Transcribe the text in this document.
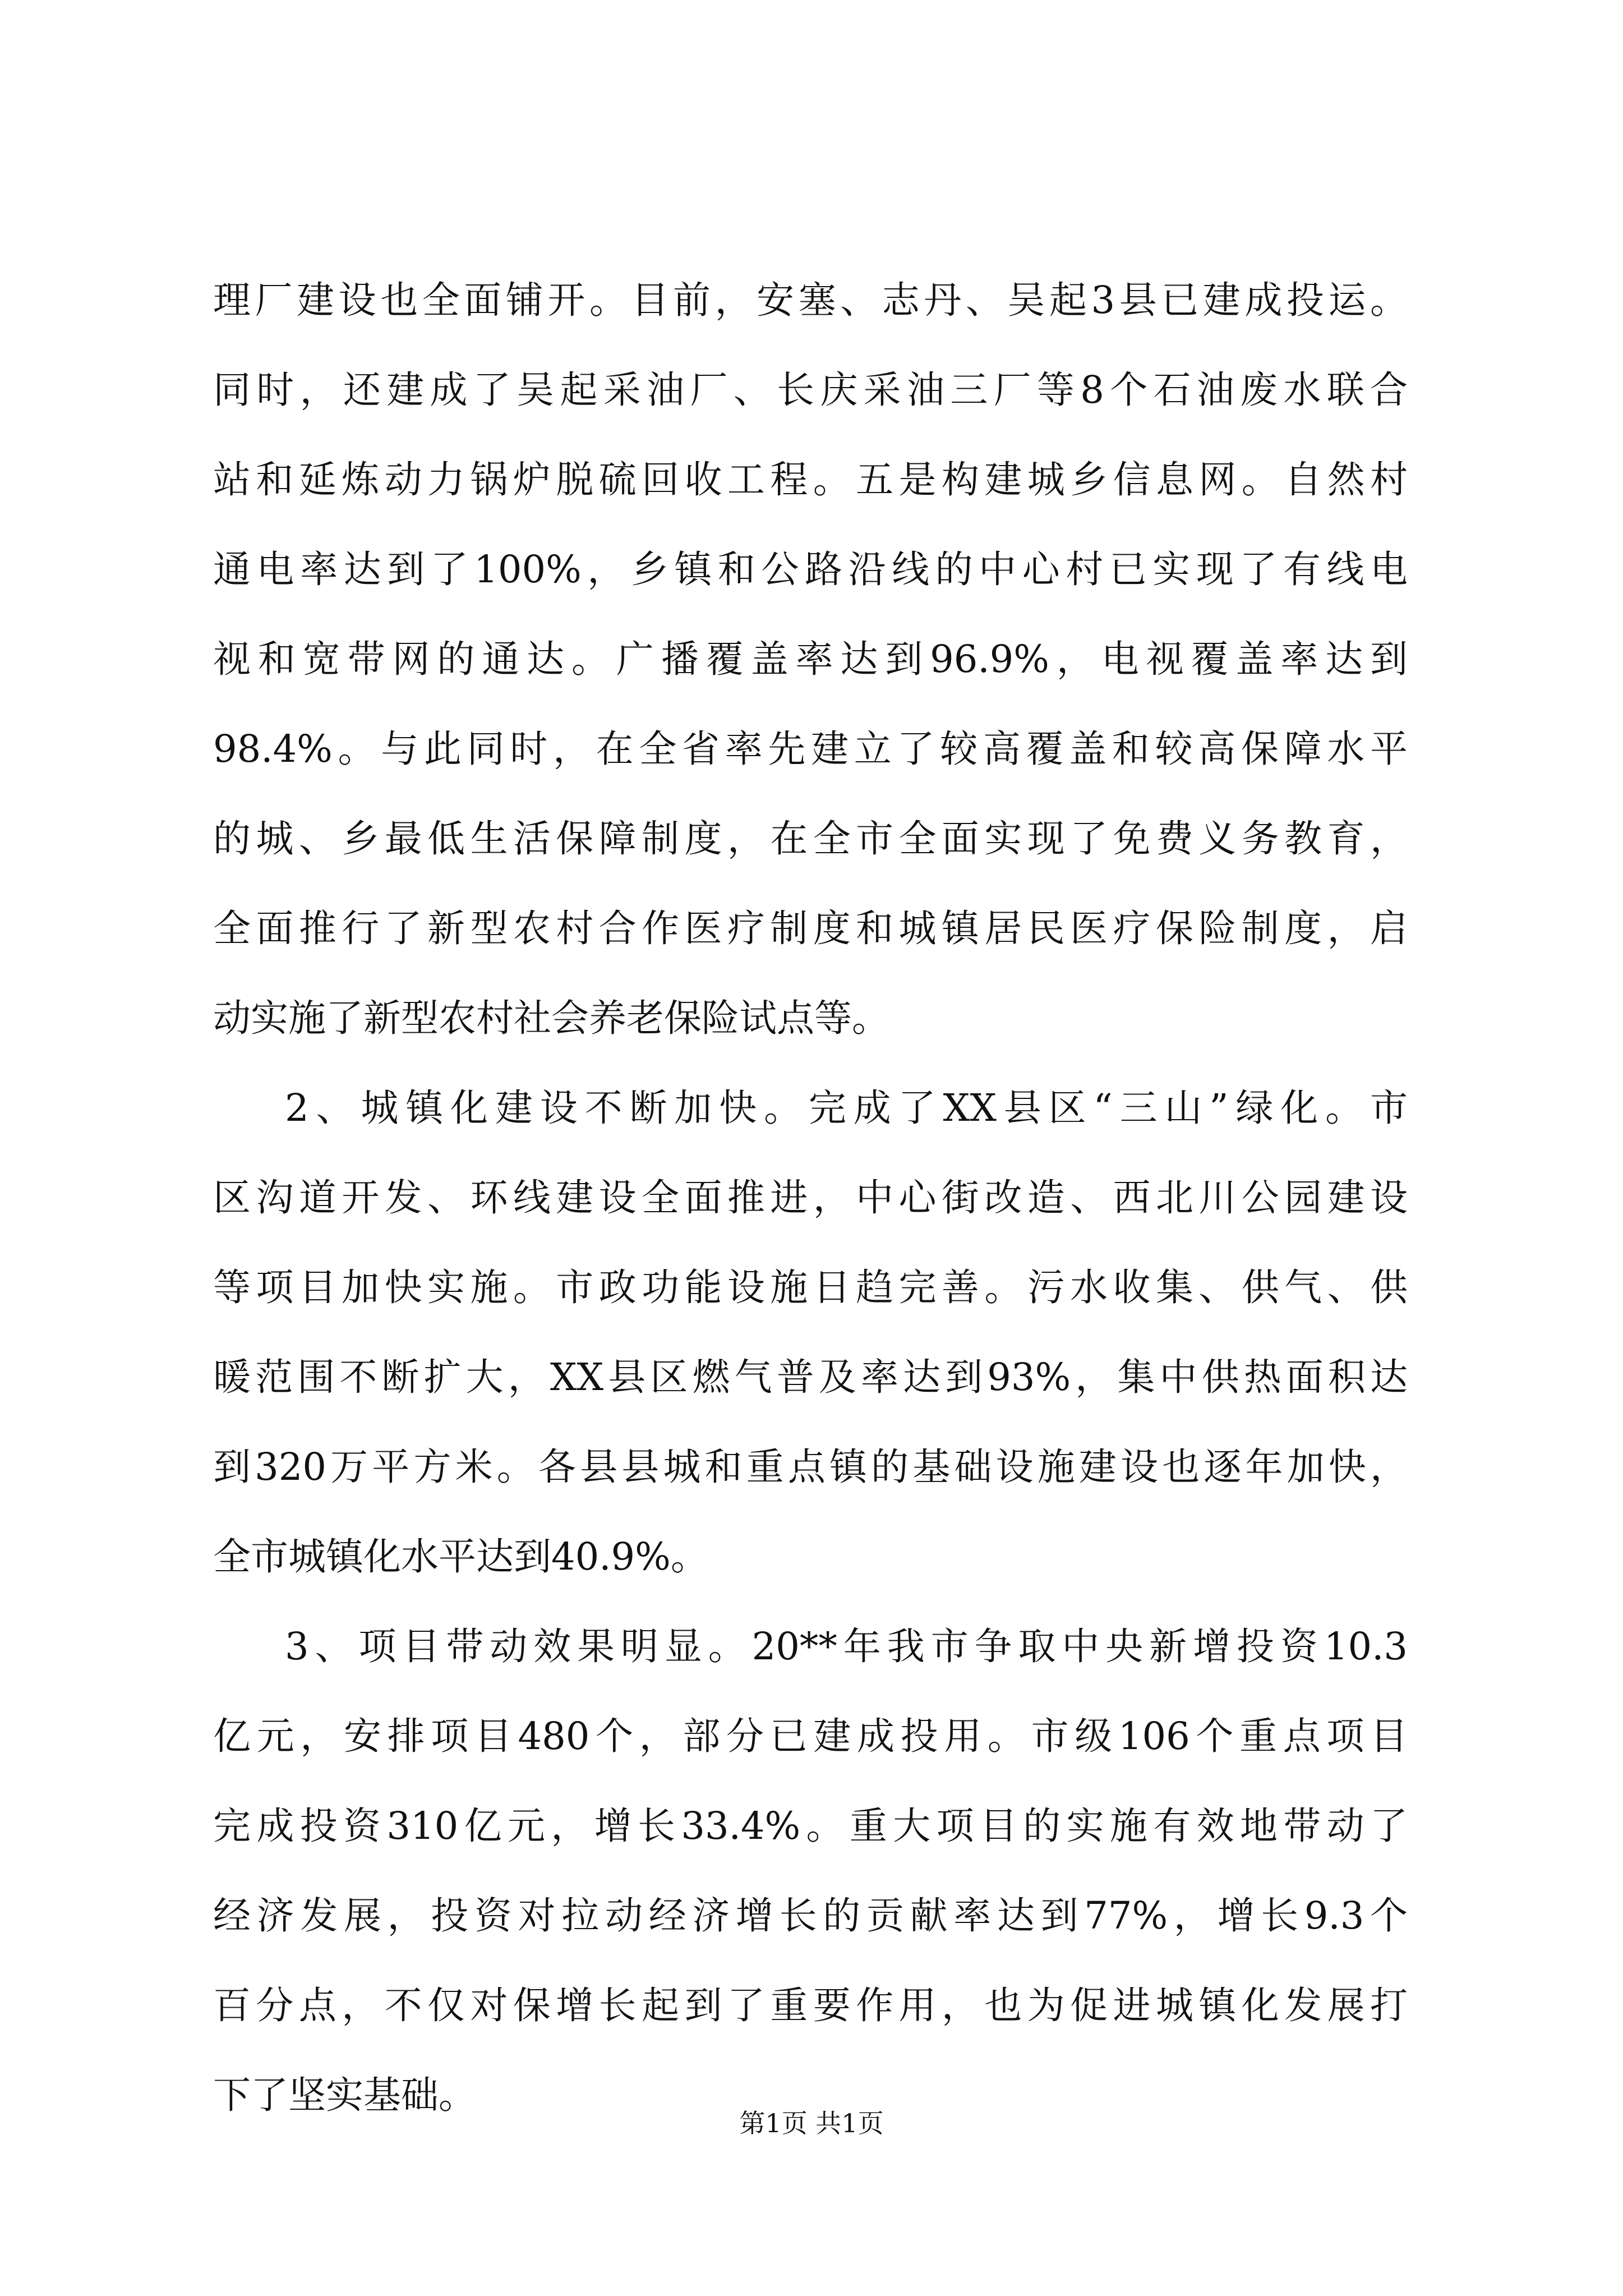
理厂建设也全面铺开。目前，安塞、志丹、吴起3县已建成投运。
同时，还建成了吴起采油厂、长庆采油三厂等8个石油废水联合
站和延炼动力锅炉脱硫回收工程。五是构建城乡信息网。自然村
通电率达到了100%，乡镇和公路沿线的中心村已实现了有线电
视和宽带网的通达。广播覆盖率达到96.9%，电视覆盖率达到
98.4%。与此同时，在全省率先建立了较高覆盖和较高保障水平
的城、乡最低生活保障制度，在全市全面实现了免费义务教育，
全面推行了新型农村合作医疗制度和城镇居民医疗保险制度，启
动实施了新型农村社会养老保险试点等。
2、城镇化建设不断加快。完成了XX县区“三山”绿化。市
区沟道开发、环线建设全面推进，中心街改造、西北川公园建设
等项目加快实施。市政功能设施日趋完善。污水收集、供气、供
暖范围不断扩大，XX县区燃气普及率达到93%，集中供热面积达
到320万平方米。各县县城和重点镇的基础设施建设也逐年加快，
全市城镇化水平达到40.9%。
3、项目带动效果明显。20**年我市争取中央新增投资10.3
亿元，安排项目480个，部分已建成投用。市级106个重点项目
完成投资310亿元，增长33.4%。重大项目的实施有效地带动了
经济发展，投资对拉动经济增长的贡献率达到77%，增长9.3个
百分点，不仅对保增长起到了重要作用，也为促进城镇化发展打
下了坚实基础。
第1页 共1页
